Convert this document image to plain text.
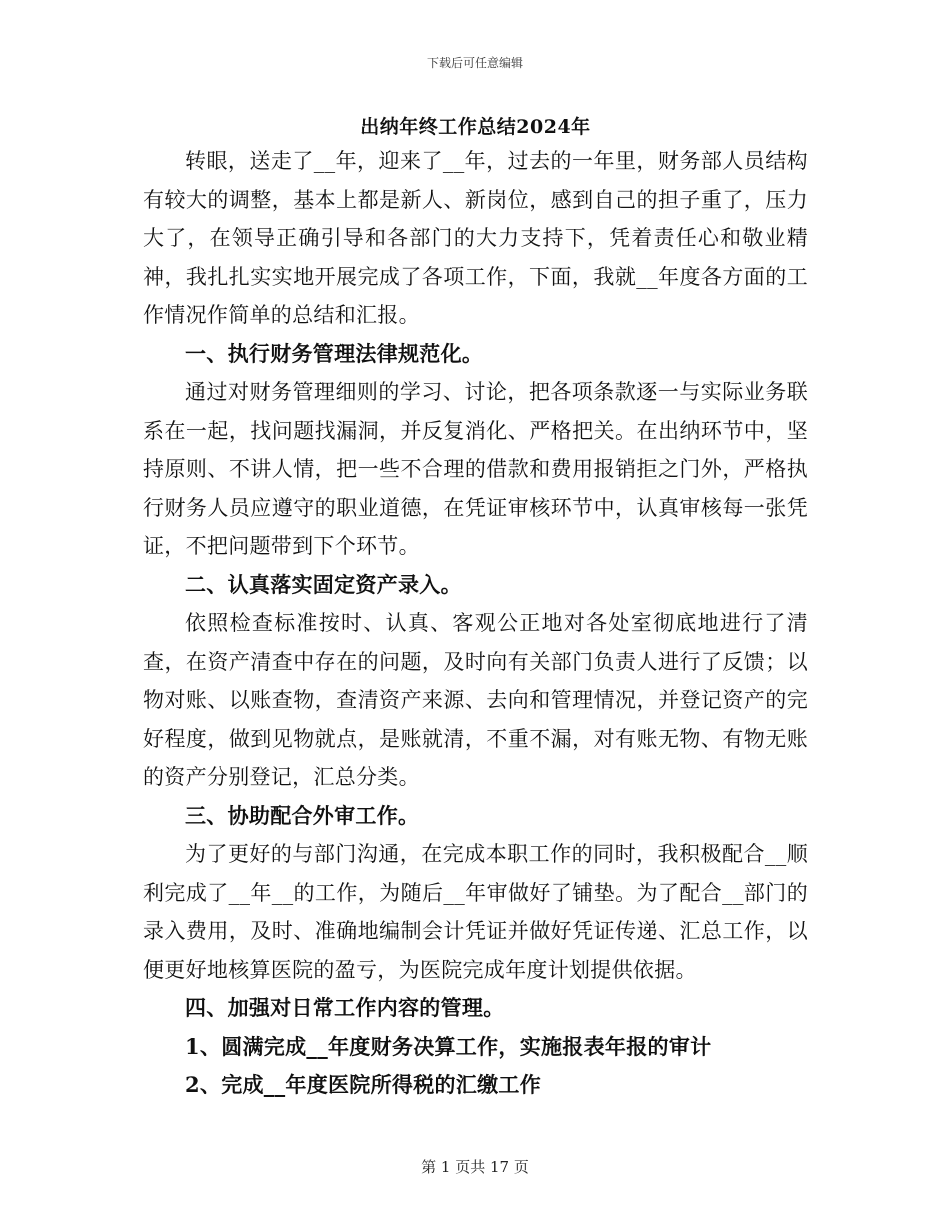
下载后可任意编辑
出纳年终工作总结2024年

转眼，送走了__年，迎来了__年，过去的一年里，财务部人员结构有较大的调整，基本上都是新人、新岗位，感到自己的担子重了，压力大了，在领导正确引导和各部门的大力支持下，凭着责任心和敬业精神，我扎扎实实地开展完成了各项工作，下面，我就__年度各方面的工作情况作简单的总结和汇报。

一、执行财务管理法律规范化。

通过对财务管理细则的学习、讨论，把各项条款逐一与实际业务联系在一起，找问题找漏洞，并反复消化、严格把关。在出纳环节中，坚持原则、不讲人情，把一些不合理的借款和费用报销拒之门外，严格执行财务人员应遵守的职业道德，在凭证审核环节中，认真审核每一张凭证，不把问题带到下个环节。

二、认真落实固定资产录入。

依照检查标准按时、认真、客观公正地对各处室彻底地进行了清查，在资产清查中存在的问题，及时向有关部门负责人进行了反馈；以物对账、以账查物，查清资产来源、去向和管理情况，并登记资产的完好程度，做到见物就点，是账就清，不重不漏，对有账无物、有物无账的资产分别登记，汇总分类。

三、协助配合外审工作。

为了更好的与部门沟通，在完成本职工作的同时，我积极配合__顺利完成了__年__的工作，为随后__年审做好了铺垫。为了配合__部门的录入费用，及时、准确地编制会计凭证并做好凭证传递、汇总工作，以便更好地核算医院的盈亏，为医院完成年度计划提供依据。

四、加强对日常工作内容的管理。

1、圆满完成__年度财务决算工作，实施报表年报的审计

2、完成__年度医院所得税的汇缴工作

第 1 页共 17 页
